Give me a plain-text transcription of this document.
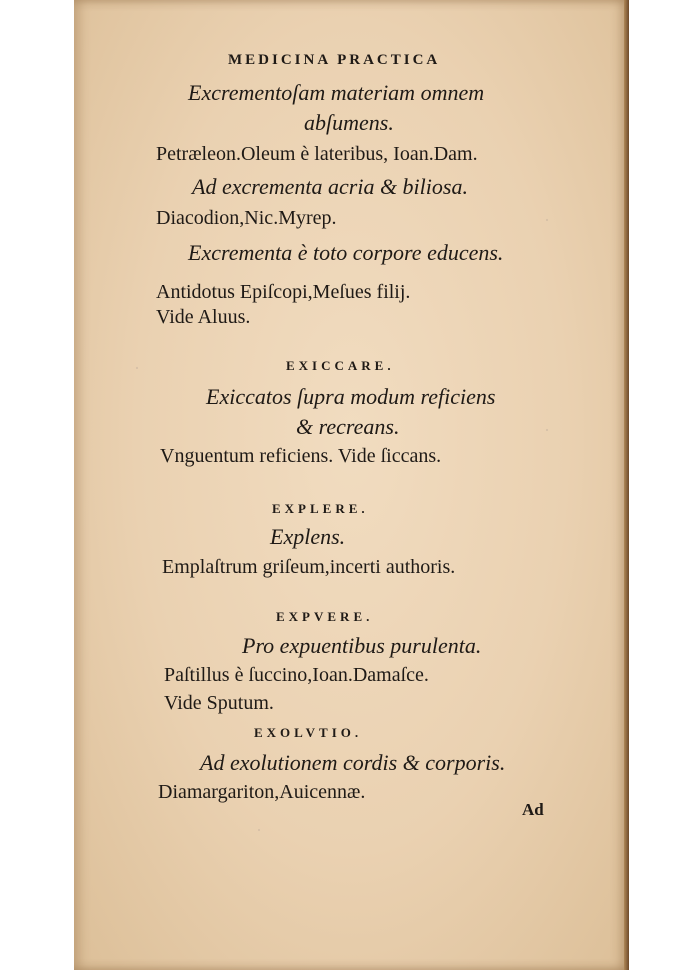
MEDICINA PRACTICA
Excrementoſam materiam omnem
abſumens.
Petræleon.Oleum è lateribus, Ioan.Dam.
Ad excrementa acria & biliosa.
Diacodion,Nic.Myrep.
Excrementa è toto corpore educens.
Antidotus Epiſcopi,Meſues filij.
Vide Aluus.
EXICCARE.
Exiccatos ſupra modum reficiens
& recreans.
Vnguentum reficiens. Vide ſiccans.
EXPLERE.
Explens.
Emplaſtrum griſeum,incerti authoris.
EXPVERE.
Pro expuentibus purulenta.
Paſtillus è ſuccino,Ioan.Damaſce.
Vide Sputum.
EXOLVTIO.
Ad exolutionem cordis & corporis.
Diamargariton,Auicennæ.
Ad
·
·
·
·
